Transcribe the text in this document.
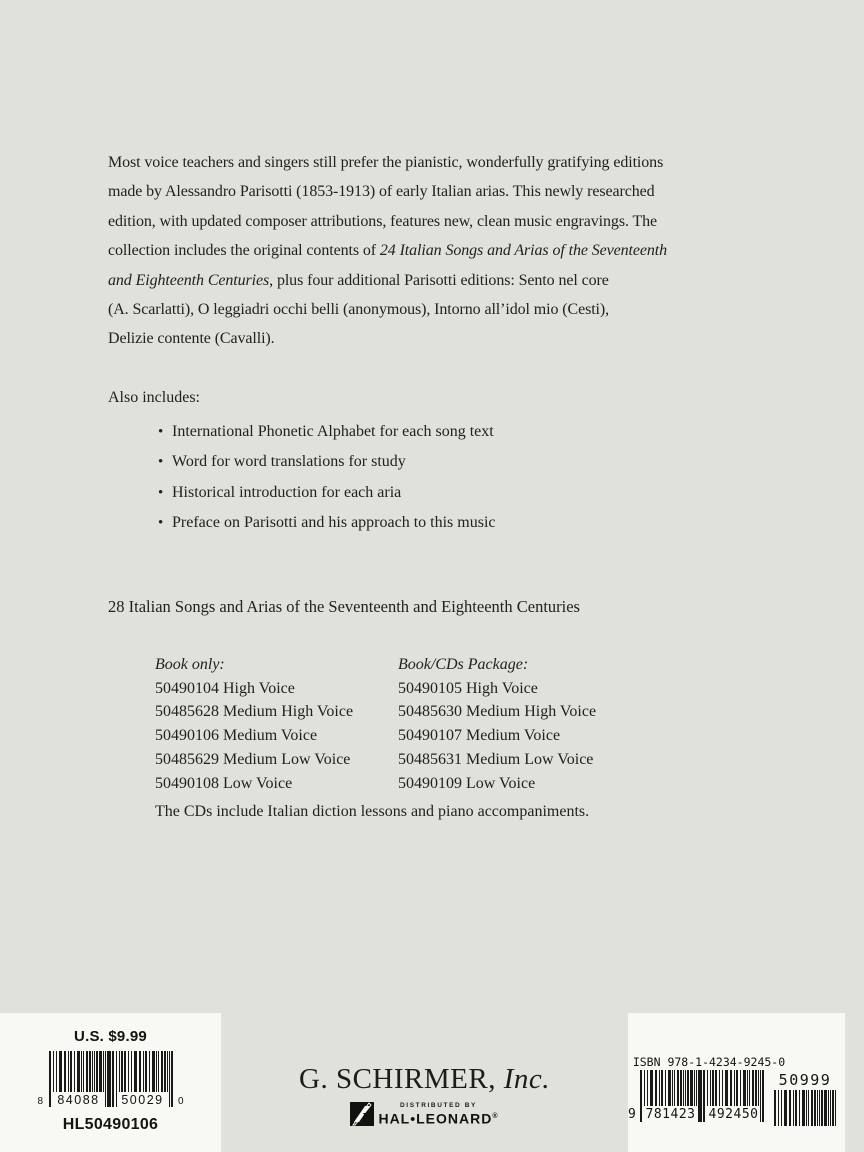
Most voice teachers and singers still prefer the pianistic, wonderfully gratifying editions
made by Alessandro Parisotti (1853-1913) of early Italian arias. This newly researched
edition, with updated composer attributions, features new, clean music engravings. The
collection includes the original contents of 24 Italian Songs and Arias of the Seventeenth
and Eighteenth Centuries, plus four additional Parisotti editions: Sento nel core
(A. Scarlatti), O leggiadri occhi belli (anonymous), Intorno all’idol mio (Cesti),
Delizie contente (Cavalli).
Also includes:
• International Phonetic Alphabet for each song text
• Word for word translations for study
• Historical introduction for each aria
• Preface on Parisotti and his approach to this music
28 Italian Songs and Arias of the Seventeenth and Eighteenth Centuries
Book only:
50490104 High Voice
50485628 Medium High Voice
50490106 Medium Voice
50485629 Medium Low Voice
50490108 Low Voice
Book/CDs Package:
50490105 High Voice
50485630 Medium High Voice
50490107 Medium Voice
50485631 Medium Low Voice
50490109 Low Voice
The CDs include Italian diction lessons and piano accompaniments.
U.S. $9.99
84088	50029
8	0
HL50490106
G. SCHIRMER, Inc.
DISTRIBUTED BY
HAL•LEONARD®
ISBN 978-1-4234-9245-0
781423 492450
9
50999
